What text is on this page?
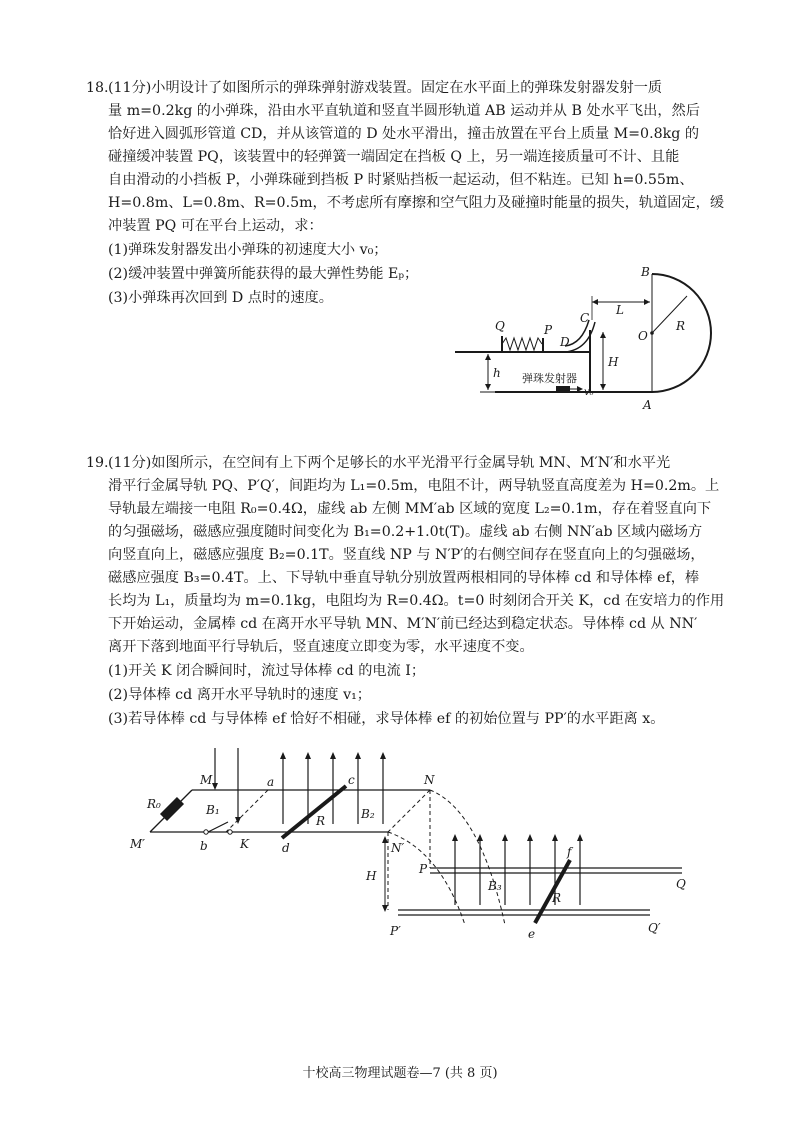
18. (11分)小明设计了如图所示的弹珠弹射游戏装置。固定在水平面上的弹珠发射器发射一质
量 m=0.2kg 的小弹珠，沿由水平直轨道和竖直半圆形轨道 AB 运动并从 B 处水平飞出，然后
恰好进入圆弧形管道 CD，并从该管道的 D 处水平滑出，撞击放置在平台上质量 M=0.8kg 的
碰撞缓冲装置 PQ，该装置中的轻弹簧一端固定在挡板 Q 上，另一端连接质量可不计、且能
自由滑动的小挡板 P，小弹珠碰到挡板 P 时紧贴挡板一起运动，但不粘连。已知 h=0.55m、
H=0.8m、L=0.8m、R=0.5m，不考虑所有摩擦和空气阻力及碰撞时能量的损失，轨道固定，缓
冲装置 PQ 可在平台上运动，求：
(1)弹珠发射器发出小弹珠的初速度大小 v₀；
(2)缓冲装置中弹簧所能获得的最大弹性势能 Eₚ；
(3)小弹珠再次回到 D 点时的速度。
Q	P
C
D
B
O
A
L
R
H
h 弹珠发射器
v₀
19. (11分)如图所示，在空间有上下两个足够长的水平光滑平行金属导轨 MN、M′N′和水平光
滑平行金属导轨 PQ、P′Q′，间距均为 L₁=0.5m，电阻不计，两导轨竖直高度差为 H=0.2m。上
导轨最左端接一电阻 R₀=0.4Ω，虚线 ab 左侧 MM′ab 区域的宽度 L₂=0.1m，存在着竖直向下
的匀强磁场，磁感应强度随时间变化为 B₁=0.2+1.0t(T)。虚线 ab 右侧 NN′ab 区域内磁场方
向竖直向上，磁感应强度 B₂=0.1T。竖直线 NP 与 N′P′的右侧空间存在竖直向上的匀强磁场，
磁感应强度 B₃=0.4T。上、下导轨中垂直导轨分别放置两根相同的导体棒 cd 和导体棒 ef，棒
长均为 L₁，质量均为 m=0.1kg，电阻均为 R=0.4Ω。t=0 时刻闭合开关 K，cd 在安培力的作用
下开始运动，金属棒 cd 在离开水平导轨 MN、M′N′前已经达到稳定状态。导体棒 cd 从 NN′
离开下落到地面平行导轨后，竖直速度立即变为零，水平速度不变。
(1)开关 K 闭合瞬间时，流过导体棒 cd 的电流 I；
(2)导体棒 cd 离开水平导轨时的速度 v₁；
(3)若导体棒 cd 与导体棒 ef 恰好不相碰，求导体棒 ef 的初始位置与 PP′的水平距离 x。
M
M′
N
N′
a
b
c
d
K
R₀	B₁	B₂
R
H	P
P′
Q
Q′
e
f
B₃
R
十校高三物理试题卷—7 (共 8 页)
